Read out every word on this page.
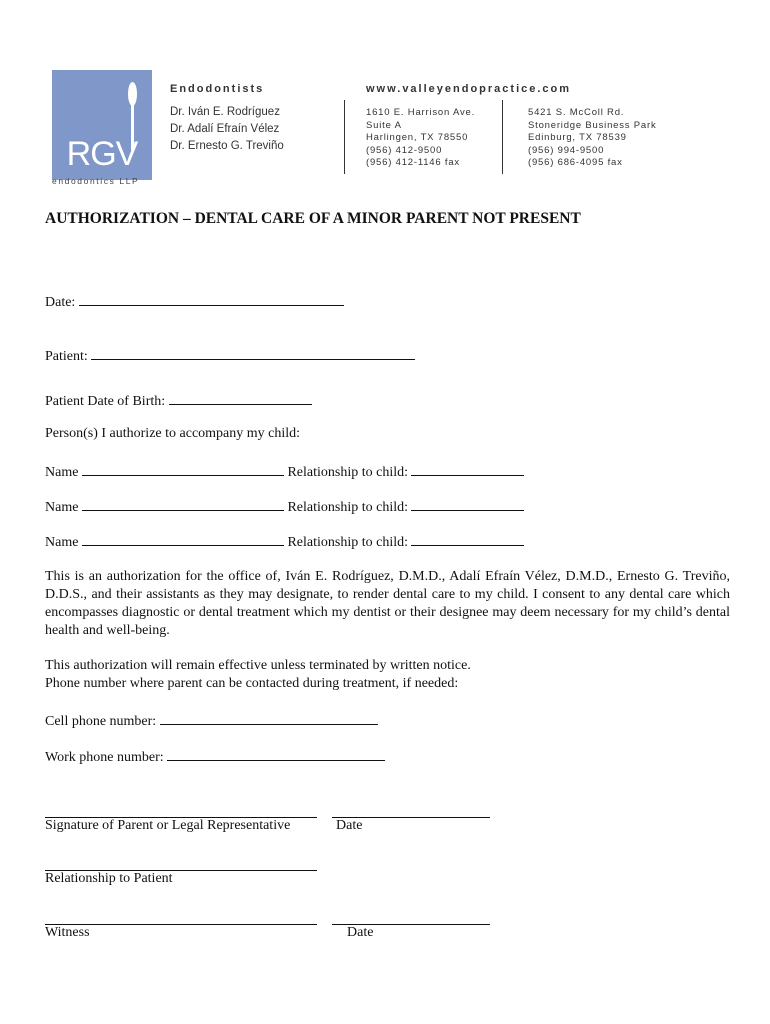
RGV
endodontics LLP
Endodontists
Dr. Iván E. Rodríguez
Dr. Adalí Efraín Vélez
Dr. Ernesto G. Treviño
www.valleyendopractice.com
1610 E. Harrison Ave.
Suite A
Harlingen, TX 78550
(956) 412-9500
(956) 412-1146 fax
5421 S. McColl Rd.
Stoneridge Business Park
Edinburg, TX 78539
(956) 994-9500
(956) 686-4095 fax
AUTHORIZATION – DENTAL CARE OF A MINOR PARENT NOT PRESENT
Date:
Patient:
Patient Date of Birth:
Person(s) I authorize to accompany my child:
Name	Relationship to child:
Name	Relationship to child:
Name	Relationship to child:
This is an authorization for the office of, Iván E. Rodríguez, D.M.D., Adalí Efraín Vélez, D.M.D., Ernesto G. Treviño, D.D.S., and their assistants as they may designate, to render dental care to my child. I consent to any dental care which encompasses diagnostic or dental treatment which my dentist or their designee may deem necessary for my child’s dental health and well-being.
This authorization will remain effective unless terminated by written notice.
Phone number where parent can be contacted during treatment, if needed:
Cell phone number:
Work phone number:
Signature of Parent or Legal Representative	Date
Relationship to Patient
Witness	Date
